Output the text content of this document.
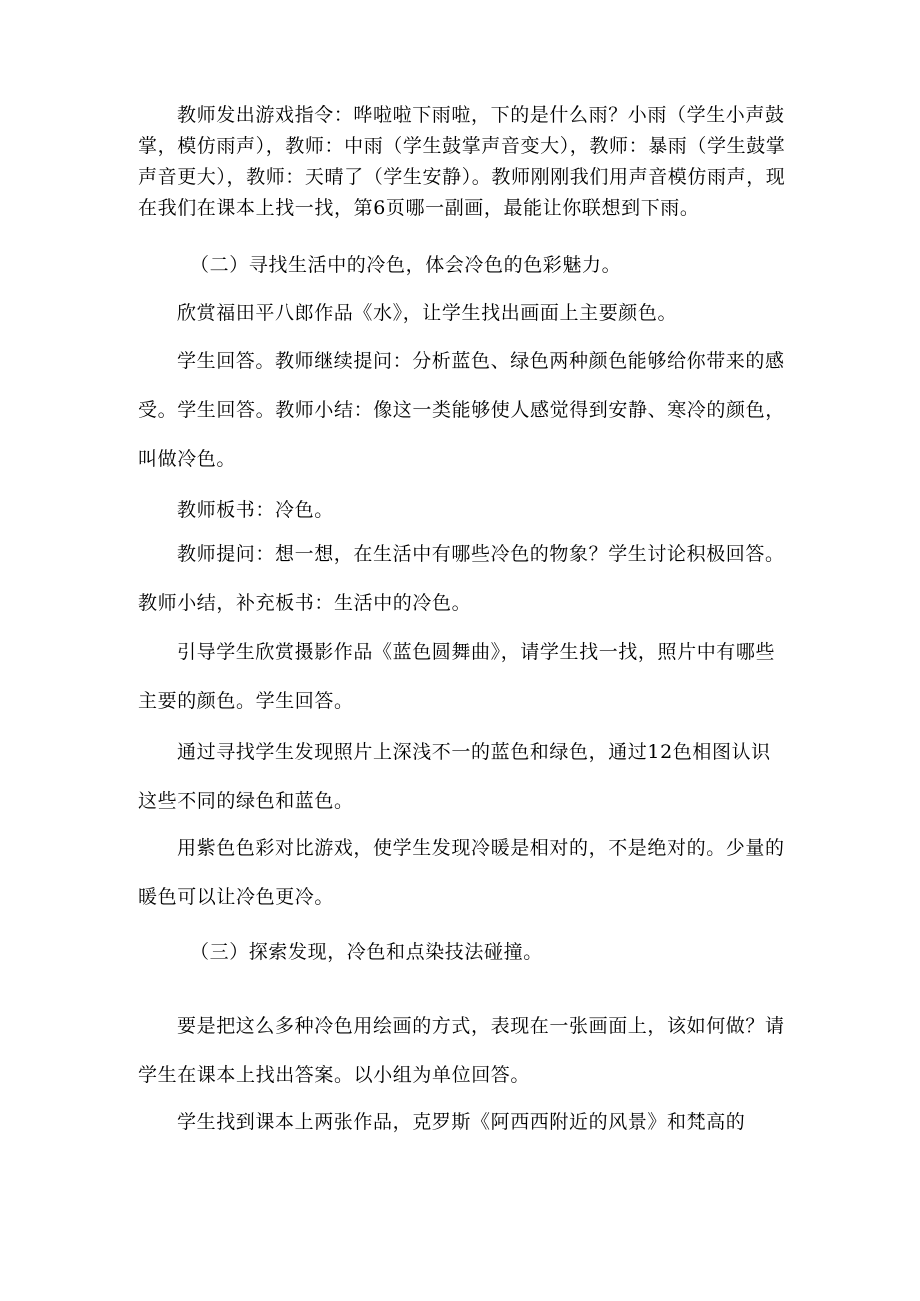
教师发出游戏指令：哗啦啦下雨啦，下的是什么雨？小雨（学生小声鼓掌，模仿雨声），教师：中雨（学生鼓掌声音变大），教师：暴雨（学生鼓掌声音更大），教师：天晴了（学生安静）。教师刚刚我们用声音模仿雨声，现在我们在课本上找一找，第6页哪一副画，最能让你联想到下雨。

（二）寻找生活中的冷色，体会冷色的色彩魅力。

欣赏福田平八郎作品《水》，让学生找出画面上主要颜色。

学生回答。教师继续提问：分析蓝色、绿色两种颜色能够给你带来的感受。学生回答。教师小结：像这一类能够使人感觉得到安静、寒冷的颜色，叫做冷色。

教师板书：冷色。

教师提问：想一想，在生活中有哪些冷色的物象？学生讨论积极回答。教师小结，补充板书：生活中的冷色。

引导学生欣赏摄影作品《蓝色圆舞曲》，请学生找一找，照片中有哪些主要的颜色。学生回答。

通过寻找学生发现照片上深浅不一的蓝色和绿色，通过12色相图认识这些不同的绿色和蓝色。

用紫色色彩对比游戏，使学生发现冷暖是相对的，不是绝对的。少量的暖色可以让冷色更冷。

（三）探索发现，冷色和点染技法碰撞。

要是把这么多种冷色用绘画的方式，表现在一张画面上，该如何做？请学生在课本上找出答案。以小组为单位回答。

学生找到课本上两张作品，克罗斯《阿西西附近的风景》和梵高的
